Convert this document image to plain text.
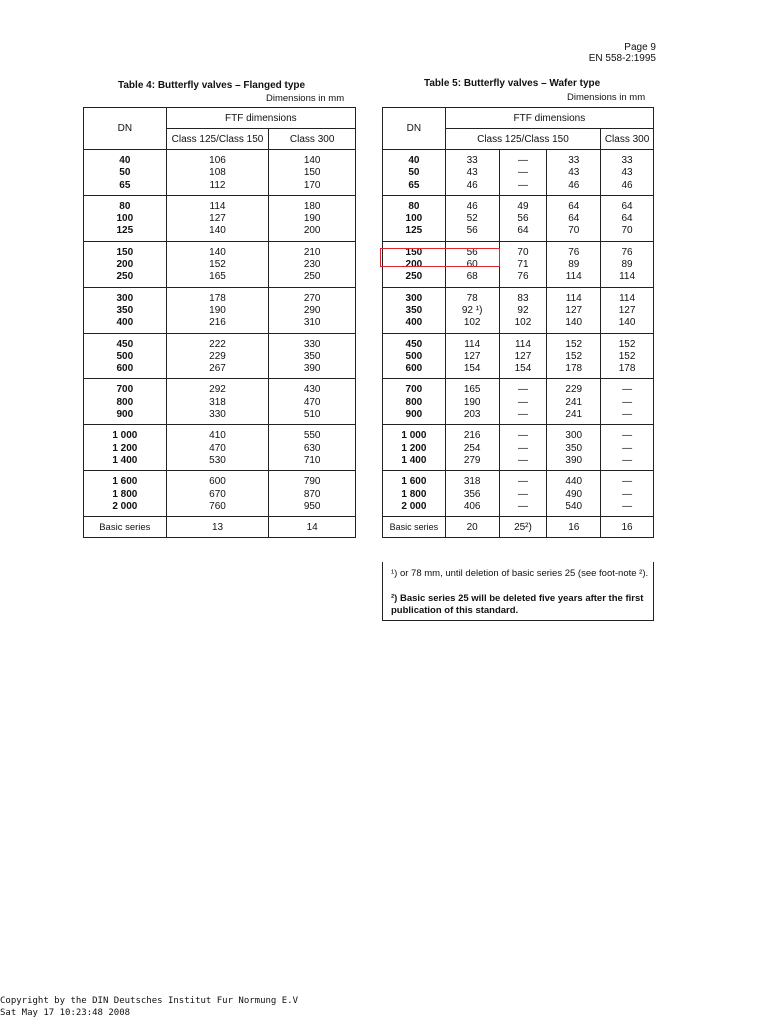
Page 9
EN 558-2:1995
Table 4: Butterfly valves – Flanged type
Dimensions in mm
Table 5: Butterfly valves – Wafer type
Dimensions in mm
DN	FTF dimensions	
	Class 125/Class 150	Class 300

40
50
65	106
108
112	140
150
170

80
100
125	114
127
140	180
190
200

150
200
250	140
152
165	210
230
250

300
350
400	178
190
216	270
290
310

450
500
600	222
229
267	330
350
390

700
800
900	292
318
330	430
470
510

1 000
1 200
1 400	410
470
530	550
630
710

1 600
1 800
2 000	600
670
760	790
870
950

Basic series	13	14
DN	FTF dimensions			
	Class 125/Class 150			Class 300

40
50
65	33
43
46	—
—
—	33
43
46	33
43
46

80
100
125	46
52
56	49
56
64	64
64
70	64
64
70

150
200
250	56
60
68	70
71
76	76
89
114	76
89
114

300
350
400	78
92 ¹)
102	83
92
102	114
127
140	114
127
140

450
500
600	114
127
154	114
127
154	152
152
178	152
152
178

700
800
900	165
190
203	—
—
—	229
241
241	—
—
—

1 000
1 200
1 400	216
254
279	—
—
—	300
350
390	—
—
—

1 600
1 800
2 000	318
356
406	—
—
—	440
490
540	—
—
—

Basic series	20	25²)	16	16
¹) or 78 mm, until deletion of basic series 25 (see foot-note ²).
²) Basic series 25 will be deleted five years after the first publication of this standard.
Copyright by the DIN Deutsches Institut Fur Normung E.V
Sat May 17 10:23:48 2008
